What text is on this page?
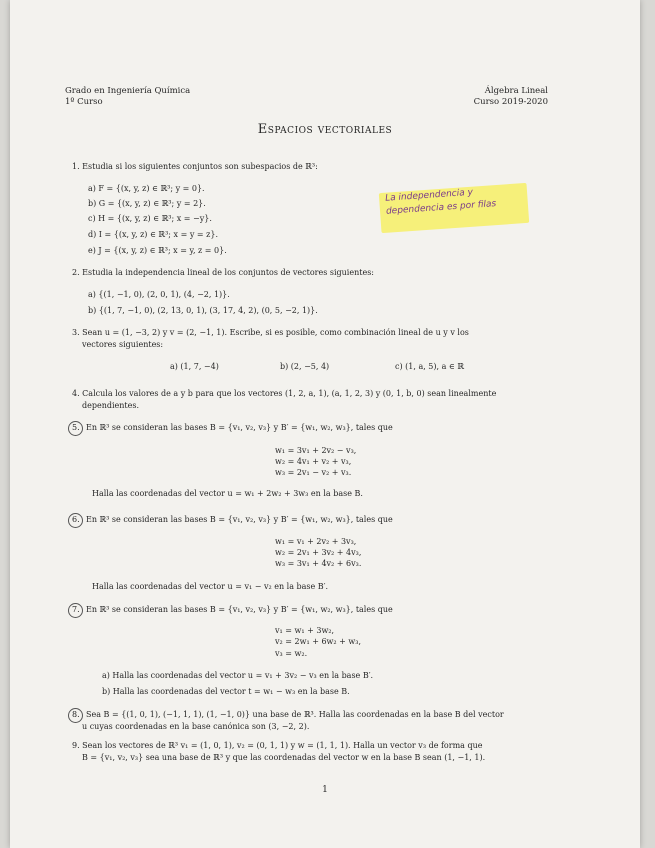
Grado en Ingeniería Química
1º Curso
Álgebra Lineal
Curso 2019-2020
Espacios vectoriales
La independencia y
dependencia es por filas
1. Estudia si los siguientes conjuntos son subespacios de ℝ³:
a) F = {(x, y, z) ∈ ℝ³; y = 0}.
b) G = {(x, y, z) ∈ ℝ³; y = 2}.
c) H = {(x, y, z) ∈ ℝ³; x = −y}.
d) I = {(x, y, z) ∈ ℝ³; x = y = z}.
e) J = {(x, y, z) ∈ ℝ³; x = y, z = 0}.
2. Estudia la independencia lineal de los conjuntos de vectores siguientes:
a) {(1, −1, 0), (2, 0, 1), (4, −2, 1)}.
b) {(1, 7, −1, 0), (2, 13, 0, 1), (3, 17, 4, 2), (0, 5, −2, 1)}.
3. Sean u = (1, −3, 2) y v = (2, −1, 1). Escribe, si es posible, como combinación lineal de u y v los
vectores siguientes:
a) (1, 7, −4)	b) (2, −5, 4)	c) (1, a, 5), a ∈ ℝ
4. Calcula los valores de a y b para que los vectores (1, 2, a, 1), (a, 1, 2, 3) y (0, 1, b, 0) sean linealmente
dependientes.
5. En ℝ³ se consideran las bases B = {v₁, v₂, v₃} y B′ = {w₁, w₂, w₃}, tales que
w₁ = 3v₁ + 2v₂ − v₃,
w₂ = 4v₁ + v₂ + v₃,
w₃ = 2v₁ − v₂ + v₃.
Halla las coordenadas del vector u = w₁ + 2w₂ + 3w₃ en la base B.
6. En ℝ³ se consideran las bases B = {v₁, v₂, v₃} y B′ = {w₁, w₂, w₃}, tales que
w₁ = v₁ + 2v₂ + 3v₃,
w₂ = 2v₁ + 3v₂ + 4v₃,
w₃ = 3v₁ + 4v₂ + 6v₃.
Halla las coordenadas del vector u = v₁ − v₂ en la base B′.
7. En ℝ³ se consideran las bases B = {v₁, v₂, v₃} y B′ = {w₁, w₂, w₃}, tales que
v₁ = w₁ + 3w₂,
v₂ = 2w₁ + 6w₂ + w₃,
v₃ = w₂.
a) Halla las coordenadas del vector u = v₁ + 3v₂ − v₃ en la base B′.
b) Halla las coordenadas del vector t = w₁ − w₃ en la base B.
8. Sea B = {(1, 0, 1), (−1, 1, 1), (1, −1, 0)} una base de ℝ³. Halla las coordenadas en la base B del vector
u cuyas coordenadas en la base canónica son (3, −2, 2).
9. Sean los vectores de ℝ³ v₁ = (1, 0, 1), v₂ = (0, 1, 1) y w = (1, 1, 1). Halla un vector v₃ de forma que
B = {v₁, v₂, v₃} sea una base de ℝ³ y que las coordenadas del vector w en la base B sean (1, −1, 1).
1
